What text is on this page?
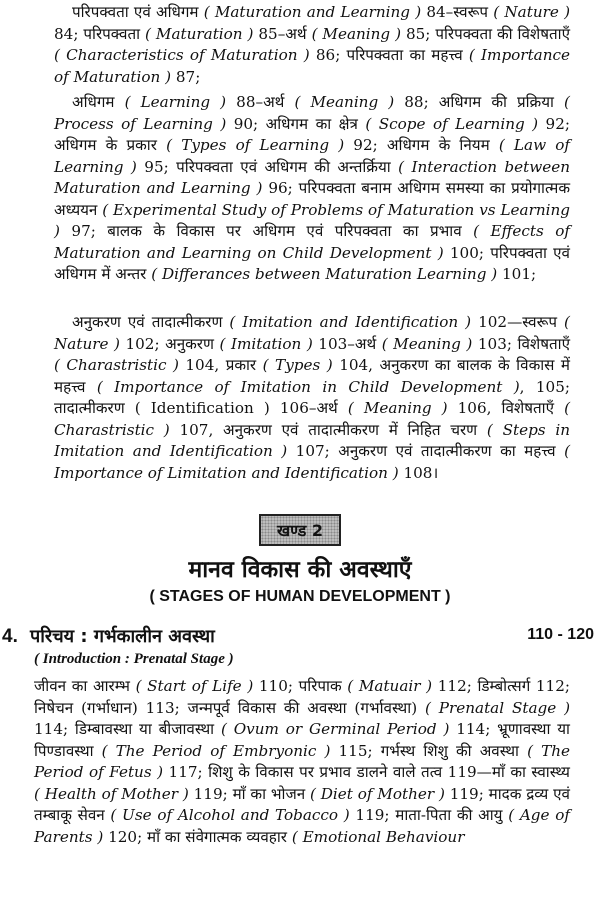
परिपक्वता एवं अधिगम ( Maturation and Learning ) 84–स्वरूप ( Nature ) 84; परिपक्वता ( Maturation ) 85–अर्थ ( Meaning ) 85; परिपक्वता की विशेषताएँ ( Characteristics of Maturation ) 86; परिपक्वता का महत्त्व ( Importance of Maturation ) 87;

अधिगम ( Learning ) 88–अर्थ ( Meaning ) 88; अधिगम की प्रक्रिया ( Process of Learning ) 90; अधिगम का क्षेत्र ( Scope of Learning ) 92; अधिगम के प्रकार ( Types of Learning ) 92; अधिगम के नियम ( Law of Learning ) 95; परिपक्वता एवं अधिगम की अन्तर्क्रिया ( Interaction between Maturation and Learning ) 96; परिपक्वता बनाम अधिगम समस्या का प्रयोगात्मक अध्ययन ( Experimental Study of Problems of Maturation vs Learning ) 97; बालक के विकास पर अधिगम एवं परिपक्वता का प्रभाव ( Effects of Maturation and Learning on Child Development ) 100; परिपक्वता एवं अधिगम में अन्तर ( Differances between Maturation Learning ) 101;

अनुकरण एवं तादात्मीकरण ( Imitation and Identification ) 102—स्वरूप ( Nature ) 102; अनुकरण ( Imitation ) 103–अर्थ ( Meaning ) 103; विशेषताएँ ( Charastristic ) 104, प्रकार ( Types ) 104, अनुकरण का बालक के विकास में महत्त्व ( Importance of Imitation in Child Development ), 105; तादात्मीकरण ( Identification ) 106–अर्थ ( Meaning ) 106, विशेषताएँ ( Charastristic ) 107, अनुकरण एवं तादात्मीकरण में निहित चरण ( Steps in Imitation and Identification ) 107; अनुकरण एवं तादात्मीकरण का महत्त्व ( Importance of Limitation and Identification ) 108।

खण्ड 2
मानव विकास की अवस्थाएँ
( STAGES OF HUMAN DEVELOPMENT )
4. परिचय : गर्भकालीन अवस्था	110 - 120
( Introduction : Prenatal Stage )

जीवन का आरम्भ ( Start of Life ) 110; परिपाक ( Matuair ) 112; डिम्बोत्सर्ग 112; निषेचन (गर्भाधान) 113; जन्मपूर्व विकास की अवस्था (गर्भावस्था) ( Prenatal Stage ) 114; डिम्बावस्था या बीजावस्था ( Ovum or Germinal Period ) 114; भ्रूणावस्था या पिण्डावस्था ( The Period of Embryonic ) 115; गर्भस्थ शिशु की अवस्था ( The Period of Fetus ) 117; शिशु के विकास पर प्रभाव डालने वाले तत्व 119—माँ का स्वास्थ्य ( Health of Mother ) 119; माँ का भोजन ( Diet of Mother ) 119; मादक द्रव्य एवं तम्बाकू सेवन ( Use of Alcohol and Tobacco ) 119; माता-पिता की आयु ( Age of Parents ) 120; माँ का संवेगात्मक व्यवहार ( Emotional Behaviour
